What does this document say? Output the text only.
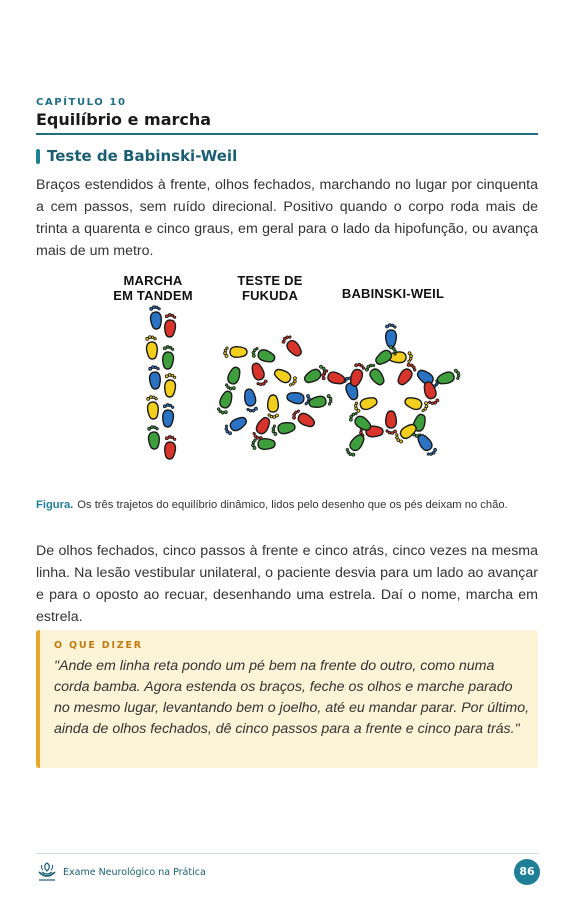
CAPÍTULO 10
Equilíbrio e marcha
Teste de Babinski-Weil

Braços estendidos à frente, olhos fechados, marchando no lugar por cinquenta a cem passos, sem ruído direcional. Positivo quando o corpo roda mais de trinta a quarenta e cinco graus, em geral para o lado da hipofunção, ou avança mais de um metro.

MARCHA
EM TANDEM
TESTE DE
FUKUDA	BABINSKI-WEIL
Figura. Os três trajetos do equilíbrio dinâmico, lidos pelo desenho que os pés deixam no chão.

De olhos fechados, cinco passos à frente e cinco atrás, cinco vezes na mesma linha. Na lesão vestibular unilateral, o paciente desvia para um lado ao avançar e para o oposto ao recuar, desenhando uma estrela. Daí o nome, marcha em estrela.

O QUE DIZER
"Ande em linha reta pondo um pé bem na frente do outro, como numa corda bamba. Agora estenda os braços, feche os olhos e marche parado no mesmo lugar, levantando bem o joelho, até eu mandar parar. Por último, ainda de olhos fechados, dê cinco passos para a frente e cinco para trás."
Exame Neurológico na Prática	86
